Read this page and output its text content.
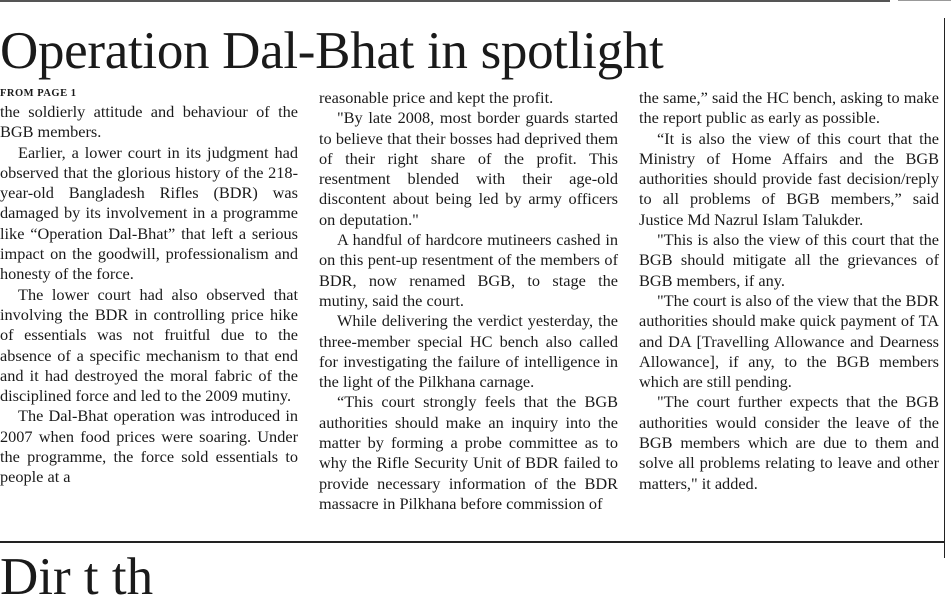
Operation Dal-Bhat in spotlight
FROM PAGE 1

the soldierly attitude and behaviour of the BGB members.

Earlier, a lower court in its judgment had observed that the glorious history of the 218-year-old Bangladesh Rifles (BDR) was damaged by its involvement in a programme like “Operation Dal-Bhat” that left a serious impact on the goodwill, professionalism and honesty of the force.

The lower court had also observed that involving the BDR in controlling price hike of essentials was not fruitful due to the absence of a specific mechanism to that end and it had destroyed the moral fabric of the disciplined force and led to the 2009 mutiny.

The Dal-Bhat operation was introduced in 2007 when food prices were soaring. Under the programme, the force sold essentials to people at a

reasonable price and kept the profit.

"By late 2008, most border guards started to believe that their bosses had deprived them of their right share of the profit. This resentment blended with their age-old discontent about being led by army officers on deputation."

A handful of hardcore mutineers cashed in on this pent-up resentment of the members of BDR, now renamed BGB, to stage the mutiny, said the court.

While delivering the verdict yesterday, the three-member special HC bench also called for investigating the failure of intelligence in the light of the Pilkhana carnage.

“This court strongly feels that the BGB authorities should make an inquiry into the matter by forming a probe committee as to why the Rifle Security Unit of BDR failed to provide necessary information of the BDR massacre in Pilkhana before commission of

the same,” said the HC bench, asking to make the report public as early as possible.

“It is also the view of this court that the Ministry of Home Affairs and the BGB authorities should provide fast decision/reply to all problems of BGB members,” said Justice Md Nazrul Islam Talukder.

"This is also the view of this court that the BGB should mitigate all the grievances of BGB members, if any.

"The court is also of the view that the BDR authorities should make quick payment of TA and DA [Travelling Allowance and Dearness Allowance], if any, to the BGB members which are still pending.

"The court further expects that the BGB authorities would consider the leave of the BGB members which are due to them and solve all problems relating to leave and other matters," it added.

Dir t th
